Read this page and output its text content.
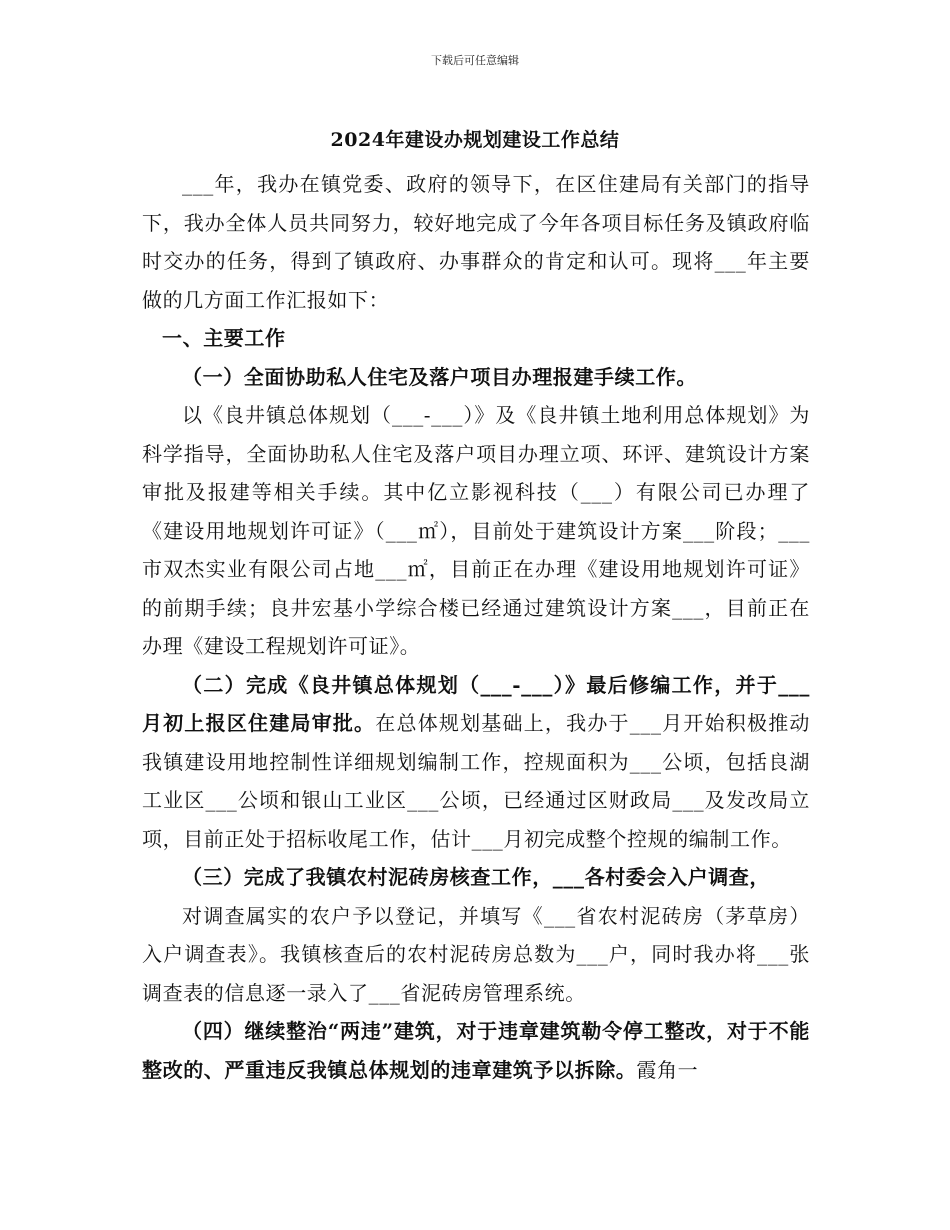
下载后可任意编辑
2024年建设办规划建设工作总结

___年，我办在镇党委、政府的领导下，在区住建局有关部门的指导下，我办全体人员共同努力，较好地完成了今年各项目标任务及镇政府临时交办的任务，得到了镇政府、办事群众的肯定和认可。现将___年主要做的几方面工作汇报如下：

一、主要工作

（一）全面协助私人住宅及落户项目办理报建手续工作。

以《良井镇总体规划（___-___）》及《良井镇土地利用总体规划》为科学指导，全面协助私人住宅及落户项目办理立项、环评、建筑设计方案审批及报建等相关手续。其中亿立影视科技（___）有限公司已办理了《建设用地规划许可证》（___㎡），目前处于建筑设计方案___阶段；___市双杰实业有限公司占地___㎡，目前正在办理《建设用地规划许可证》的前期手续；良井宏基小学综合楼已经通过建筑设计方案___，目前正在办理《建设工程规划许可证》。

（二）完成《良井镇总体规划（___-___）》最后修编工作，并于___月初上报区住建局审批。在总体规划基础上，我办于___月开始积极推动我镇建设用地控制性详细规划编制工作，控规面积为___公顷，包括良湖工业区___公顷和银山工业区___公顷，已经通过区财政局___及发改局立项，目前正处于招标收尾工作，估计___月初完成整个控规的编制工作。

（三）完成了我镇农村泥砖房核查工作，___各村委会入户调查，

对调查属实的农户予以登记，并填写《___省农村泥砖房（茅草房）入户调查表》。我镇核查后的农村泥砖房总数为___户，同时我办将___张调查表的信息逐一录入了___省泥砖房管理系统。

（四）继续整治“两违”建筑，对于违章建筑勒令停工整改，对于不能整改的、严重违反我镇总体规划的违章建筑予以拆除。霞角一
